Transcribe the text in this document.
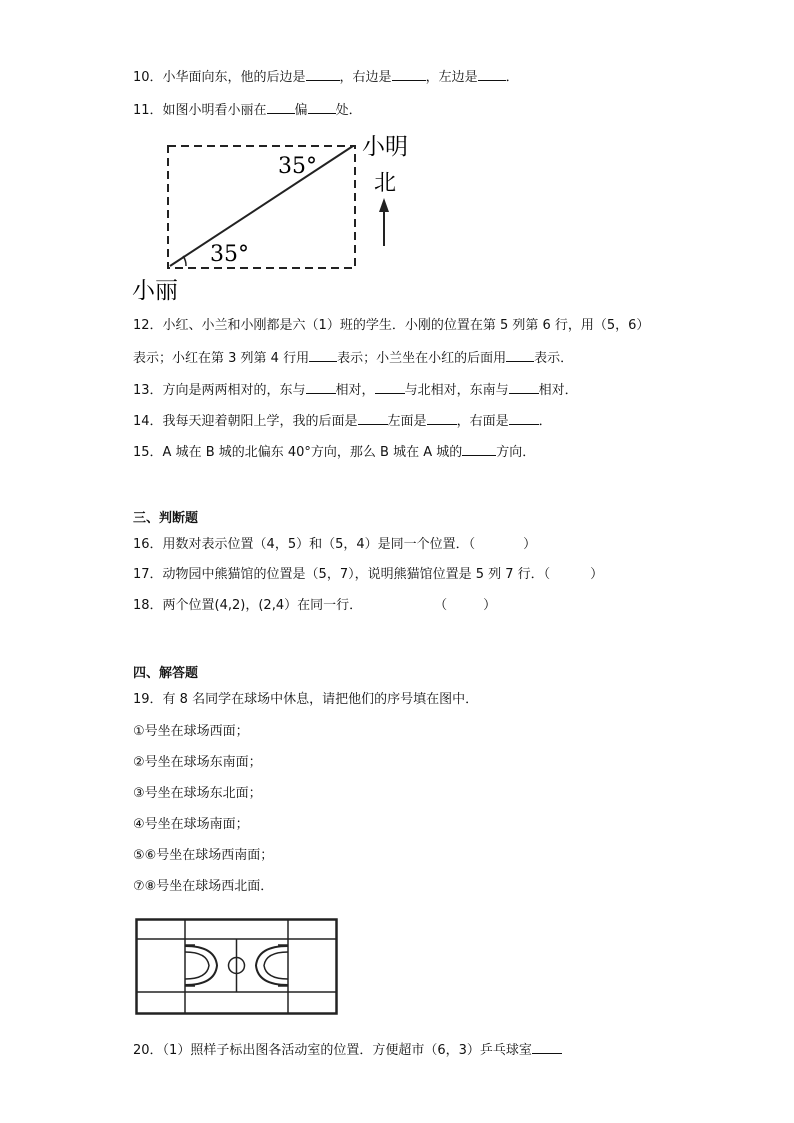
10．小华面向东，他的后边是	，右边是	，左边是 ．
11．如图小明看小丽在 偏 处．
35°
35°
小明
北
小丽
12．小红、小兰和小刚都是六（1）班的学生．小刚的位置在第 5 列第 6 行，用（5，6）
表示；小红在第 3 列第 4 行用 表示；小兰坐在小红的后面用 表示．
13．方向是两两相对的，东与 相对， 与北相对，东南与 相对．
14．我每天迎着朝阳上学，我的后面是 左面是 ，右面是 ．
15．A 城在 B 城的北偏东 40°方向，那么 B 城在 A 城的	方向．
三、判断题
16．用数对表示位置（4，5）和（5，4）是同一个位置．（	）
17．动物园中熊猫馆的位置是（5，7），说明熊猫馆位置是 5 列 7 行．（	）
18．两个位置(4,2)，(2,4）在同一行．	（	）
四、解答题
19．有 8 名同学在球场中休息，请把他们的序号填在图中．
①号坐在球场西面；
②号坐在球场东南面；
③号坐在球场东北面；
④号坐在球场南面；
⑤⑥号坐在球场西南面；
⑦⑧号坐在球场西北面．
20．（1）照样子标出图各活动室的位置．方便超市（6，3）乒乓球室
